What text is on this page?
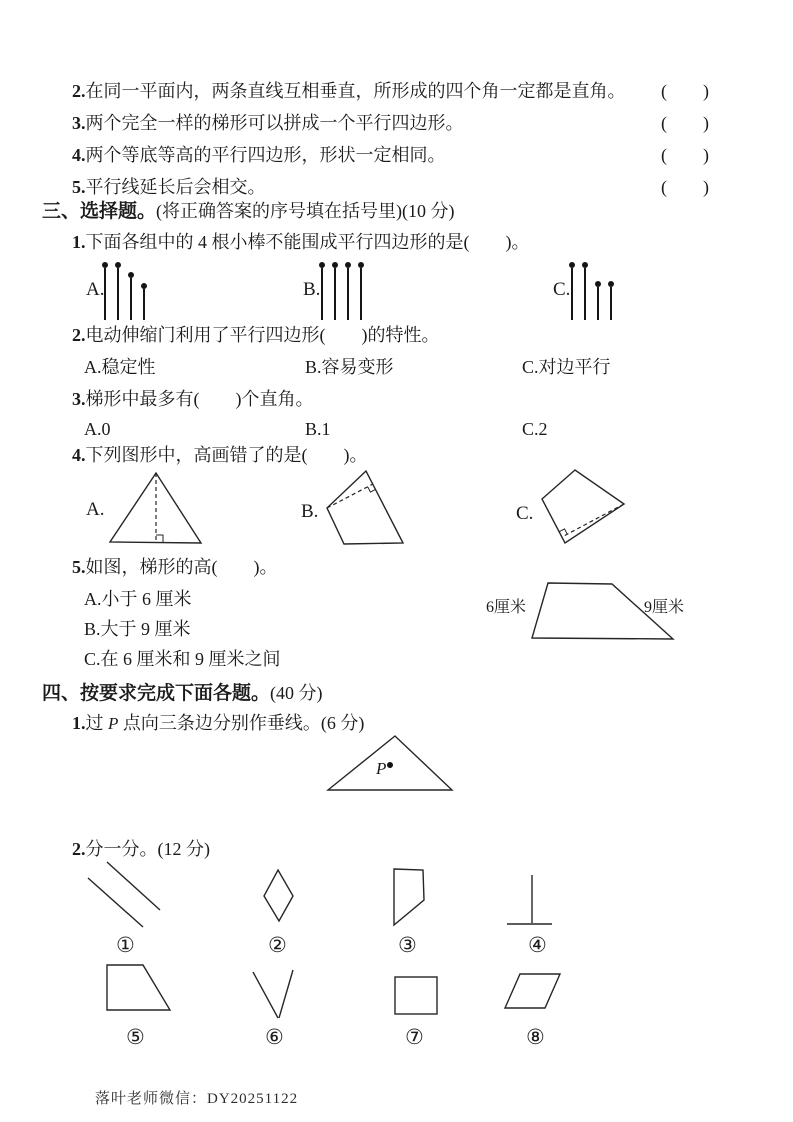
2.在同一平面内，两条直线互相垂直，所形成的四个角一定都是直角。 (　　)
3.两个完全一样的梯形可以拼成一个平行四边形。	(　　)
4.两个等底等高的平行四边形，形状一定相同。	(　　)
5.平行线延长后会相交。	(　　)
三、选择题。(将正确答案的序号填在括号里)(10 分)
1.下面各组中的 4 根小棒不能围成平行四边形的是(　　)。
A.	B.	C.
2.电动伸缩门利用了平行四边形(　　)的特性。
A.稳定性	B.容易变形	C.对边平行
3.梯形中最多有(　　)个直角。
A.0	B.1	C.2
4.下列图形中，高画错了的是(　　)。
A.	B.	C.
5.如图，梯形的高(　　)。
A.小于 6 厘米
B.大于 9 厘米
C.在 6 厘米和 9 厘米之间
6厘米	9厘米
四、按要求完成下面各题。(40 分)
1.过 P 点向三条边分别作垂线。(6 分)
P
2.分一分。(12 分)
①	②	③	④
⑤	⑥	⑦	⑧
落叶老师微信：DY20251122
